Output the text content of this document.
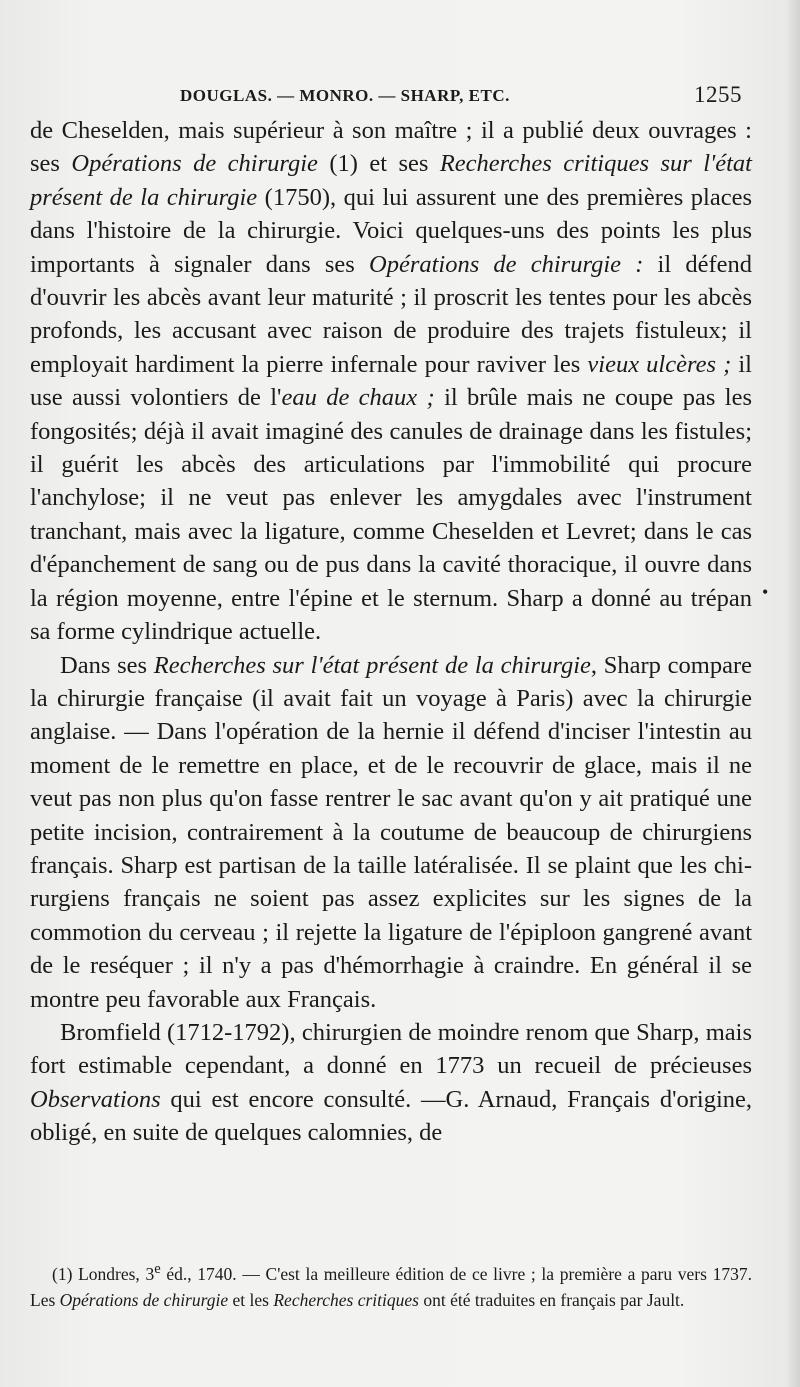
DOUGLAS. — MONRO. — SHARP, ETC.	1255

de Cheselden, mais supérieur à son maître ; il a publié deux ouvrages : ses Opérations de chirurgie (1) et ses Recherches critiques sur l'état présent de la chirurgie (1750), qui lui assurent une des premières places dans l'histoire de la chirurgie. Voici quelques-uns des points les plus importants à signaler dans ses Opérations de chirurgie : il défend d'ouvrir les abcès avant leur maturité ; il proscrit les tentes pour les abcès profonds, les accusant avec raison de produire des trajets fistuleux; il employait hardiment la pierre infernale pour raviver les vieux ulcères ; il use aussi volontiers de l'eau de chaux ; il brûle mais ne coupe pas les fongosités; déjà il avait imaginé des canules de drainage dans les fistules; il guérit les abcès des articulations par l'immobilité qui procure l'anchylose; il ne veut pas enlever les amygdales avec l'instrument tranchant, mais avec la ligature, comme Cheselden et Levret; dans le cas d'épanchement de sang ou de pus dans la cavité thoracique, il ouvre dans la région moyenne, entre l'épine et le sternum. Sharp a donné au trépan sa forme cylindrique actuelle.

Dans ses Recherches sur l'état présent de la chirurgie, Sharp compare la chirurgie française (il avait fait un voyage à Paris) avec la chirurgie anglaise. — Dans l'opération de la hernie il défend d'inciser l'intestin au moment de le remettre en place, et de le recouvrir de glace, mais il ne veut pas non plus qu'on fasse rentrer le sac avant qu'on y ait pratiqué une petite incision, contrairement à la coutume de beaucoup de chirurgiens français. Sharp est partisan de la taille latéralisée. Il se plaint que les chirurgiens français ne soient pas assez explicites sur les signes de la commotion du cerveau ; il rejette la ligature de l'épiploon gangrené avant de le reséquer ; il n'y a pas d'hémorrhagie à craindre. En général il se montre peu favorable aux Français.

Bromfield (1712-1792), chirurgien de moindre renom que Sharp, mais fort estimable cependant, a donné en 1773 un recueil de précieuses Observations qui est encore consulté. —G. Arnaud, Français d'origine, obligé, en suite de quelques calomnies, de

•

(1) Londres, 3e éd., 1740. — C'est la meilleure édition de ce livre ; la première a paru vers 1737. Les Opérations de chirurgie et les Recherches critiques ont été traduites en français par Jault.
